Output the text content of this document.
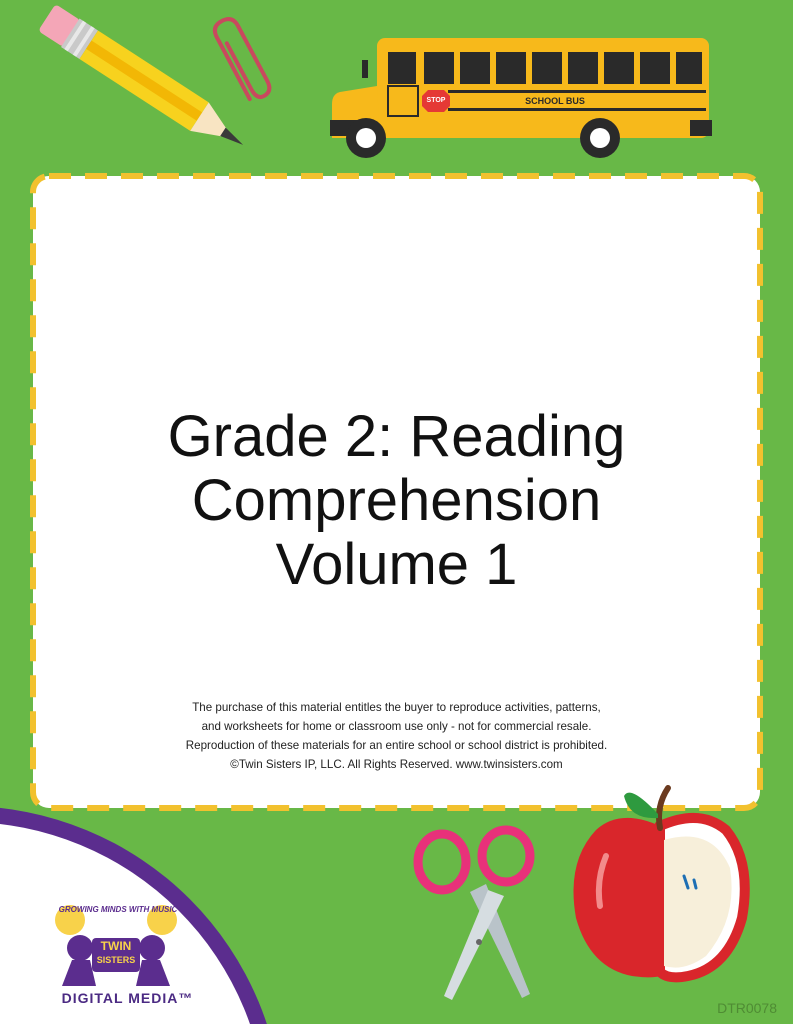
STOP	SCHOOL BUS
Grade 2: Reading
Comprehension
Volume 1
The purchase of this material entitles the buyer to reproduce activities, patterns,
and worksheets for home or classroom use only - not for commercial resale.
Reproduction of these materials for an entire school or school district is prohibited.
©Twin Sisters IP, LLC. All Rights Reserved. www.twinsisters.com
GROWING MINDS WITH MUSIC
TWIN
SISTERS
DIGITAL MEDIA™
DTR0078
